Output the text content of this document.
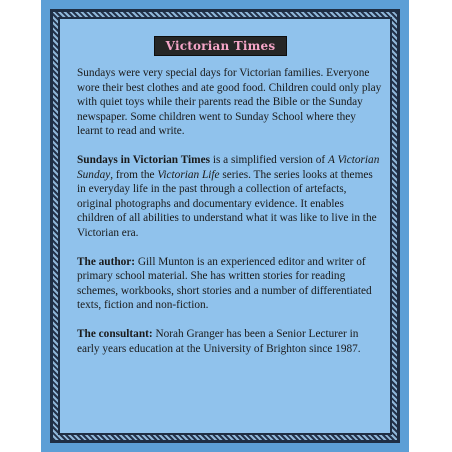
Victorian Times

Sundays were very special days for Victorian families. Everyone wore their best clothes and ate good food. Children could only play with quiet toys while their parents read the Bible or the Sunday newspaper. Some children went to Sunday School where they learnt to read and write.

Sundays in Victorian Times is a simplified version of A Victorian Sunday, from the Victorian Life series. The series looks at themes in everyday life in the past through a collection of artefacts, original photographs and documentary evidence. It enables children of all abilities to understand what it was like to live in the Victorian era.

The author: Gill Munton is an experienced editor and writer of primary school material. She has written stories for reading schemes, workbooks, short stories and a number of differentiated texts, fiction and non-fiction.

The consultant: Norah Granger has been a Senior Lecturer in early years education at the University of Brighton since 1987.
